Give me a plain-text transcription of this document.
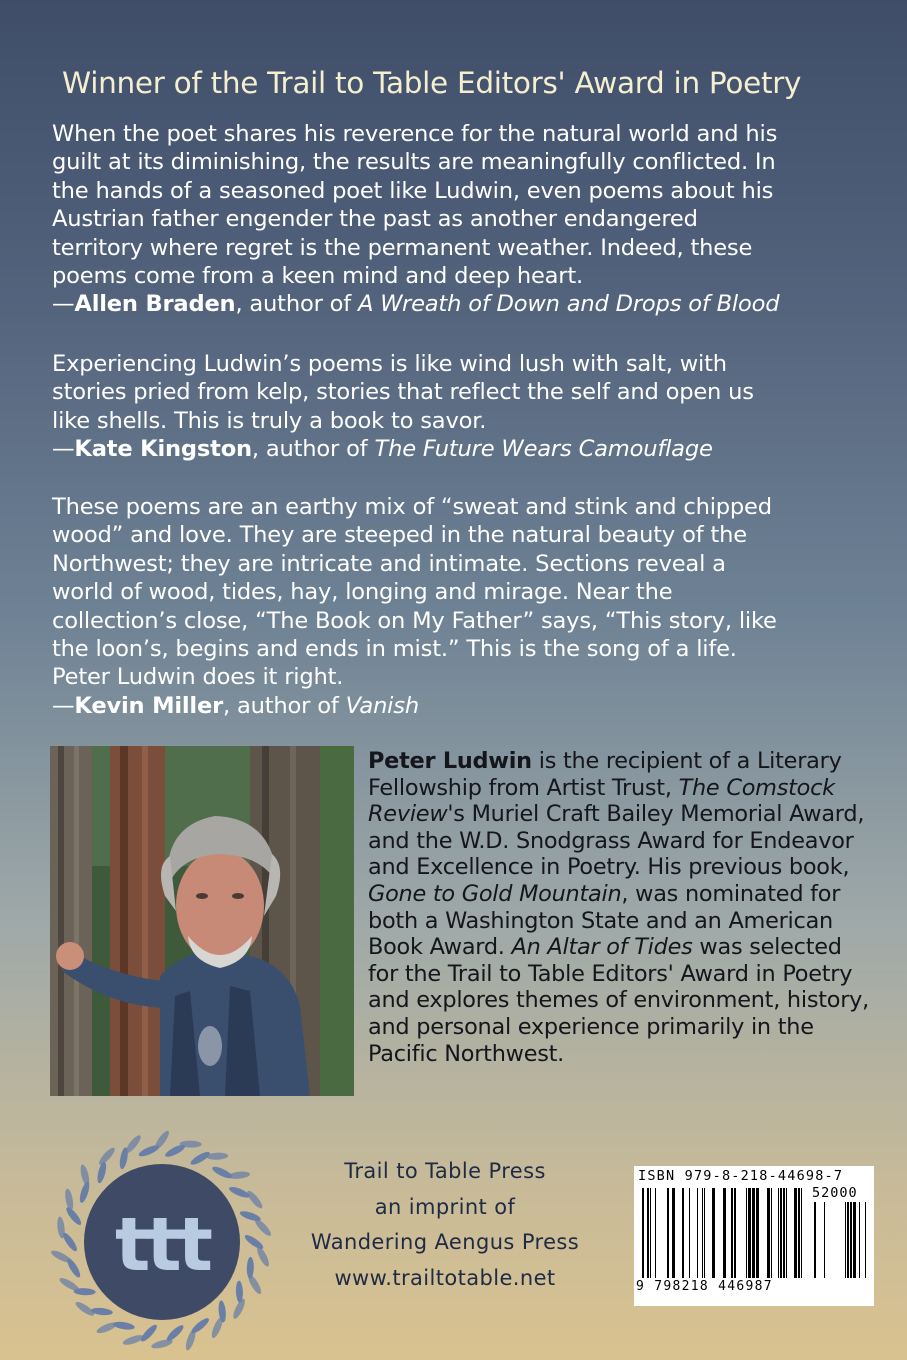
Winner of the Trail to Table Editors' Award in Poetry

When the poet shares his reverence for the natural world and his

guilt at its diminishing, the results are meaningfully conflicted. In

the hands of a seasoned poet like Ludwin, even poems about his

Austrian father engender the past as another endangered

territory where regret is the permanent weather. Indeed, these

poems come from a keen mind and deep heart.

—Allen Braden, author of A Wreath of Down and Drops of Blood

Experiencing Ludwin’s poems is like wind lush with salt, with

stories pried from kelp, stories that reflect the self and open us

like shells. This is truly a book to savor.

—Kate Kingston, author of The Future Wears Camouflage

These poems are an earthy mix of “sweat and stink and chipped

wood” and love. They are steeped in the natural beauty of the

Northwest; they are intricate and intimate. Sections reveal a

world of wood, tides, hay, longing and mirage. Near the

collection’s close, “The Book on My Father” says, “This story, like

the loon’s, begins and ends in mist.” This is the song of a life.

Peter Ludwin does it right.

—Kevin Miller, author of Vanish

Peter Ludwin is the recipient of a Literary Fellowship from Artist Trust, The Comstock Review's Muriel Craft Bailey Memorial Award, and the W.D. Snodgrass Award for Endeavor and Excellence in Poetry. His previous book, Gone to Gold Mountain, was nominated for both a Washington State and an American Book Award. An Altar of Tides was selected for the Trail to Table Editors' Award in Poetry and explores themes of environment, history, and personal experience primarily in the Pacific Northwest.
ttt
Trail to Table Press
an imprint of
Wandering Aengus Press
www.trailtotable.net
ISBN 979-8-218-44698-7
52000
9 798218 446987
